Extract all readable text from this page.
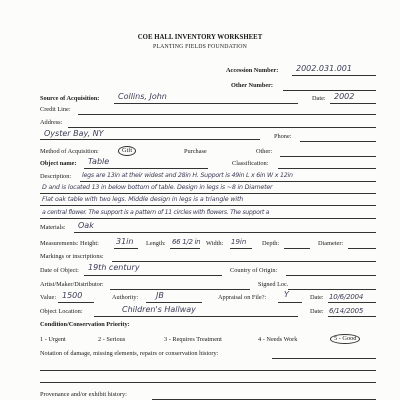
COE HALL INVENTORY WORKSHEET
PLANTING FIELDS FOUNDATION
Accession Number: 2002.031.001
Other Number:
Source of Acquisition: Collins, John	Date: 2002
Credit Line:
Address:
Oyster Bay, NY	Phone:
Method of Acquisition:	Gift	Purchase	Other:
Object name: Table	Classification:
Description: legs are 13in at their widest and 28in H. Support is 49in L x 6in W x 12in
D and is located 13 in below bottom of table. Design in legs is ~8 in Diameter
Flat oak table with two legs. Middle design in legs is a triangle with
a central flower. The support is a pattern of 11 circles with flowers. The support a
Materials: Oak
Measurements: Height: 31in Length: 66 1/2 in Width: 19in Depth:	Diameter:
Markings or inscriptions:
Date of Object: 19th century	Country of Origin:
Artist/Maker/Distributor:	Signed Loc.
Value: 1500	Authority: JB	Appraisal on File?: Y	Date: 10/6/2004
Object Location:	Children's Hallway	Date: 6/14/2005
Condition/Conservation Priority:
1 - Urgent	2 - Serious	3 - Requires Treatment	4 - Needs Work	5 - Good
Notation of damage, missing elements, repairs or conservation history:
Provenance and/or exhibit history:
